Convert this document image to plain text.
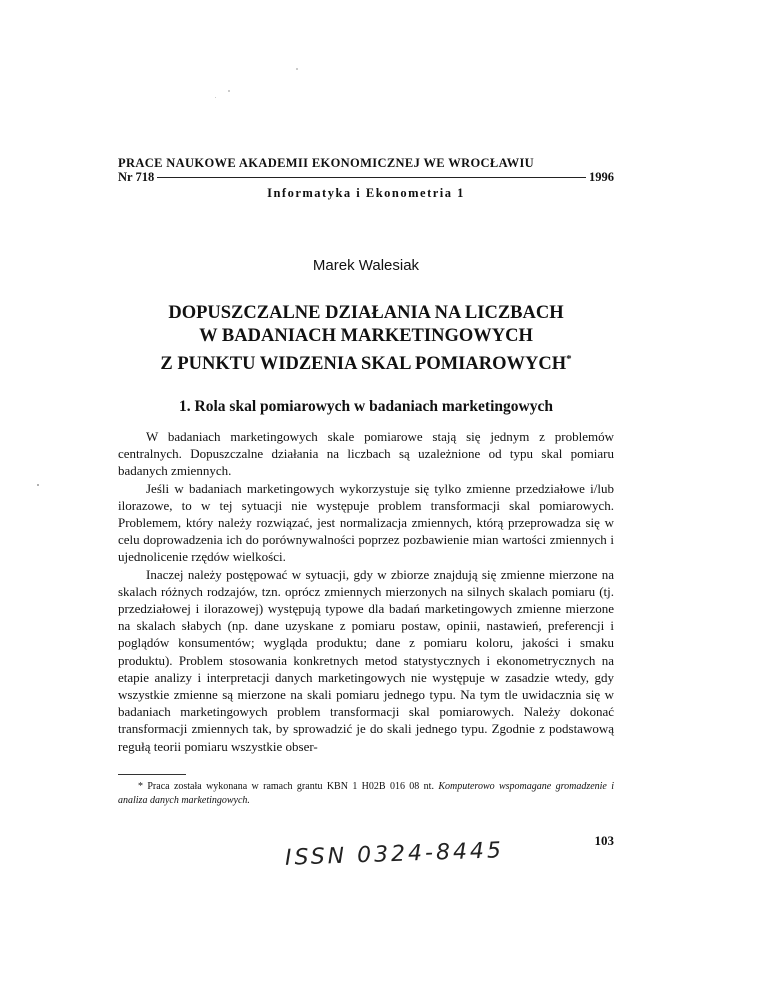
PRACE NAUKOWE AKADEMII EKONOMICZNEJ WE WROCŁAWIU
Nr 718	1996
Informatyka i Ekonometria 1
Marek Walesiak
DOPUSZCZALNE DZIAŁANIA NA LICZBACH
W BADANIACH MARKETINGOWYCH
Z PUNKTU WIDZENIA SKAL POMIAROWYCH*
1. Rola skal pomiarowych w badaniach marketingowych

W badaniach marketingowych skale pomiarowe stają się jednym z problemów centralnych. Dopuszczalne działania na liczbach są uzależnione od typu skal pomiaru badanych zmiennych.

Jeśli w badaniach marketingowych wykorzystuje się tylko zmienne przedziałowe i/lub ilorazowe, to w tej sytuacji nie występuje problem transformacji skal pomiarowych. Problemem, który należy rozwiązać, jest normalizacja zmiennych, którą przeprowadza się w celu doprowadzenia ich do porównywalności poprzez pozbawienie mian wartości zmiennych i ujednolicenie rzędów wielkości.

Inaczej należy postępować w sytuacji, gdy w zbiorze znajdują się zmienne mierzone na skalach różnych rodzajów, tzn. oprócz zmiennych mierzonych na silnych skalach pomiaru (tj. przedziałowej i ilorazowej) występują typowe dla badań marketingowych zmienne mierzone na skalach słabych (np. dane uzyskane z pomiaru postaw, opinii, nastawień, preferencji i poglądów konsumentów; wygląda produktu; dane z pomiaru koloru, jakości i smaku produktu). Problem stosowania konkretnych metod statystycznych i ekonometrycznych na etapie analizy i interpretacji danych marketingowych nie występuje w zasadzie wtedy, gdy wszystkie zmienne są mierzone na skali pomiaru jednego typu. Na tym tle uwidacznia się w badaniach marketingowych problem transformacji skal pomiarowych. Należy dokonać transformacji zmiennych tak, by sprowadzić je do skali jednego typu. Zgodnie z podstawową regułą teorii pomiaru wszystkie obser-

* Praca została wykonana w ramach grantu KBN 1 H02B 016 08 nt. Komputerowo wspomagane gromadzenie i analiza danych marketingowych.
103
ISSN 0324-8445
